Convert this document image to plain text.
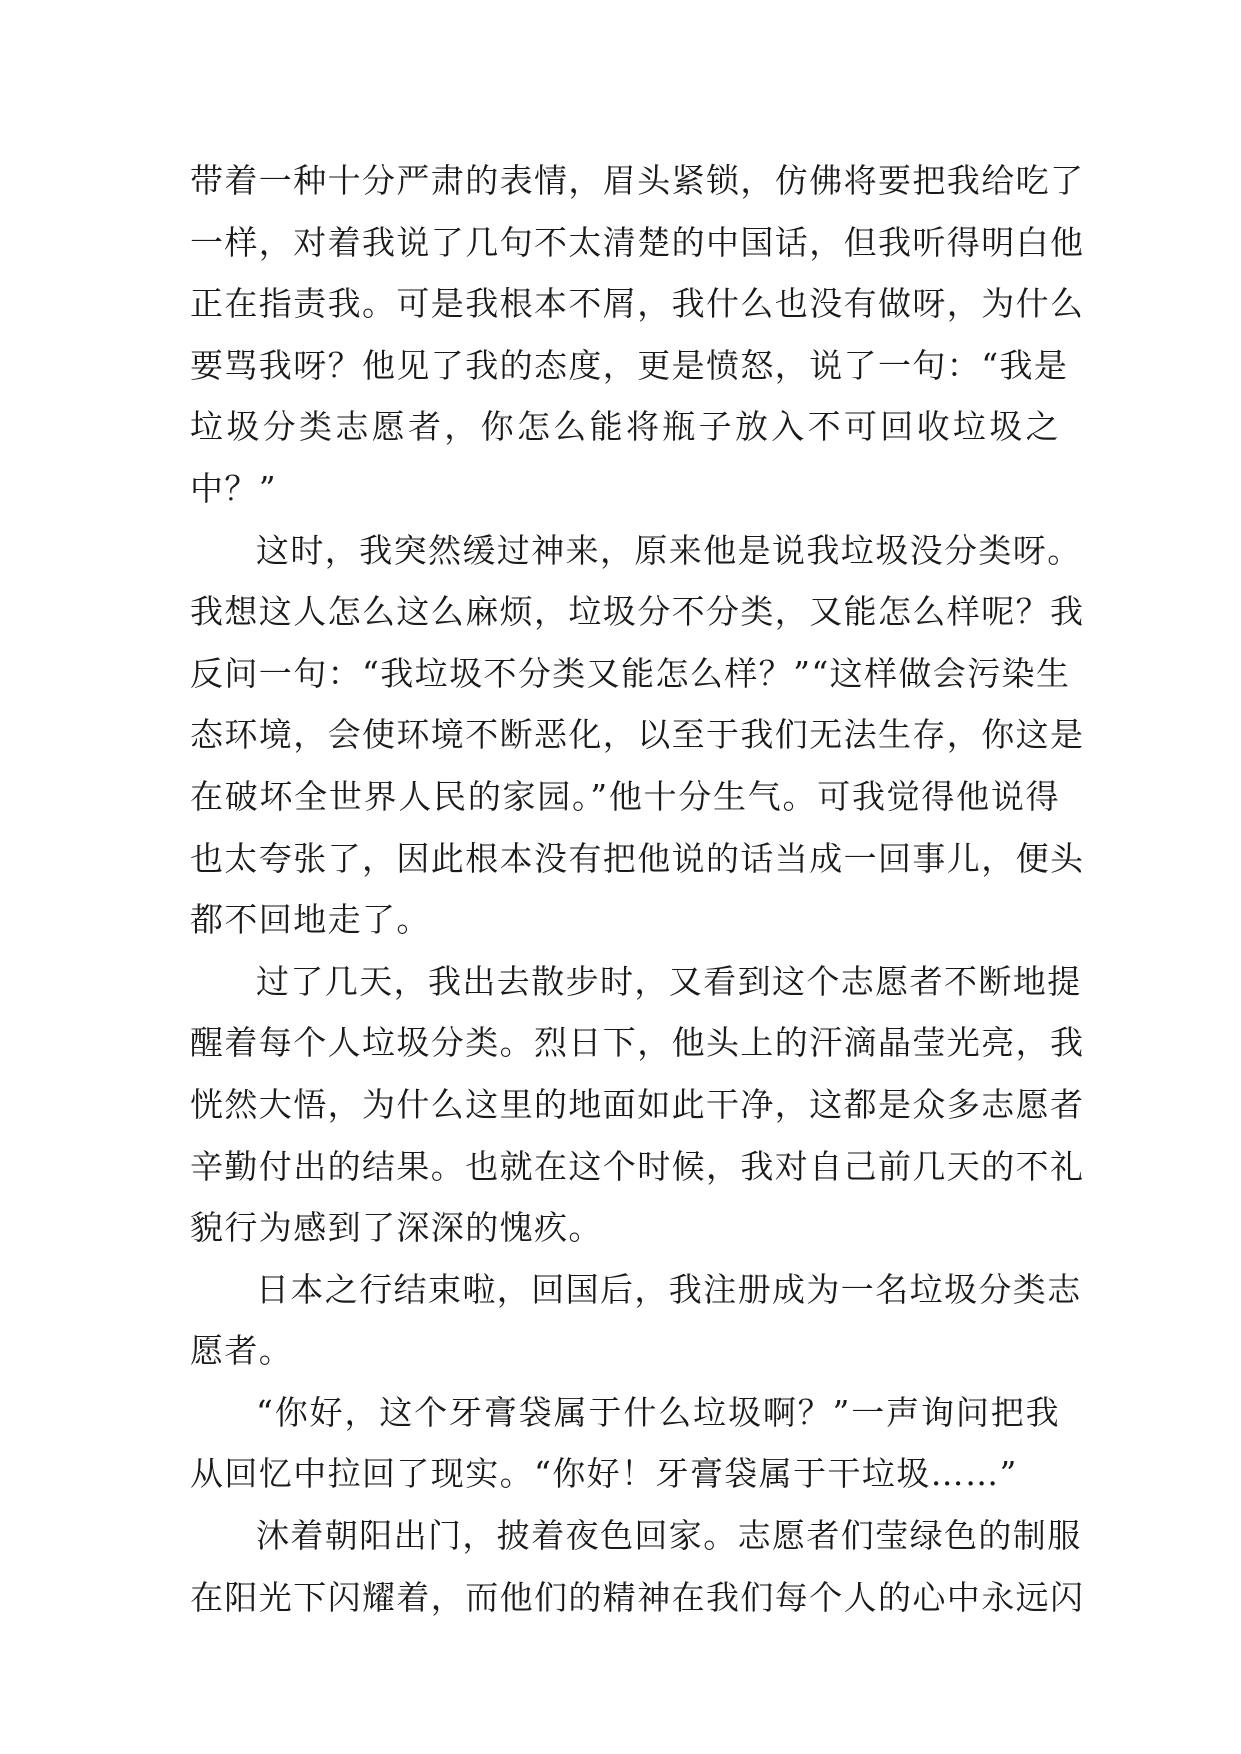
带着一种十分严肃的表情，眉头紧锁，仿佛将要把我给吃了
一样，对着我说了几句不太清楚的中国话，但我听得明白他
正在指责我。可是我根本不屑，我什么也没有做呀，为什么
要骂我呀？他见了我的态度，更是愤怒，说了一句：“我是
垃圾分类志愿者，你怎么能将瓶子放入不可回收垃圾之
中？”
这时，我突然缓过神来，原来他是说我垃圾没分类呀。
我想这人怎么这么麻烦，垃圾分不分类，又能怎么样呢？我
反问一句：“我垃圾不分类又能怎么样？”“这样做会污染生
态环境，会使环境不断恶化，以至于我们无法生存，你这是
在破坏全世界人民的家园。”他十分生气。可我觉得他说得
也太夸张了，因此根本没有把他说的话当成一回事儿，便头
都不回地走了。
过了几天，我出去散步时，又看到这个志愿者不断地提
醒着每个人垃圾分类。烈日下，他头上的汗滴晶莹光亮，我
恍然大悟，为什么这里的地面如此干净，这都是众多志愿者
辛勤付出的结果。也就在这个时候，我对自己前几天的不礼
貌行为感到了深深的愧疚。
日本之行结束啦，回国后，我注册成为一名垃圾分类志
愿者。
“你好，这个牙膏袋属于什么垃圾啊？”一声询问把我
从回忆中拉回了现实。“你好！牙膏袋属于干垃圾……”
沐着朝阳出门，披着夜色回家。志愿者们莹绿色的制服
在阳光下闪耀着，而他们的精神在我们每个人的心中永远闪
